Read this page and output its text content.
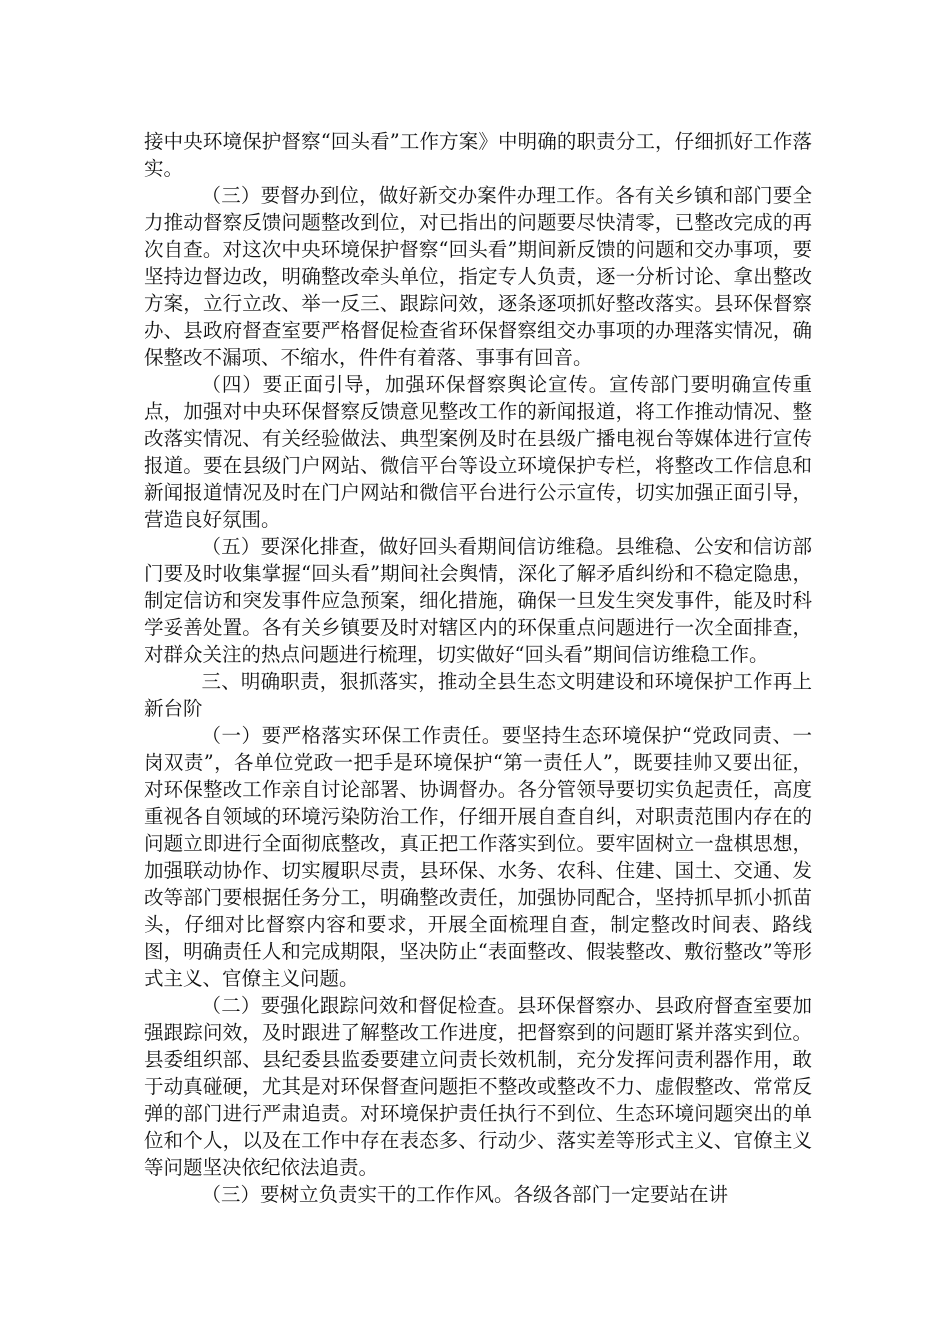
接中央环境保护督察“回头看”工作方案》中明确的职责分工，仔细抓好工作落实。

（三）要督办到位，做好新交办案件办理工作。各有关乡镇和部门要全力推动督察反馈问题整改到位，对已指出的问题要尽快清零，已整改完成的再次自查。对这次中央环境保护督察“回头看”期间新反馈的问题和交办事项，要坚持边督边改，明确整改牵头单位，指定专人负责，逐一分析讨论、拿出整改方案，立行立改、举一反三、跟踪问效，逐条逐项抓好整改落实。县环保督察办、县政府督查室要严格督促检查省环保督察组交办事项的办理落实情况，确保整改不漏项、不缩水，件件有着落、事事有回音。

（四）要正面引导，加强环保督察舆论宣传。宣传部门要明确宣传重点，加强对中央环保督察反馈意见整改工作的新闻报道，将工作推动情况、整改落实情况、有关经验做法、典型案例及时在县级广播电视台等媒体进行宣传报道。要在县级门户网站、微信平台等设立环境保护专栏，将整改工作信息和新闻报道情况及时在门户网站和微信平台进行公示宣传，切实加强正面引导，营造良好氛围。

（五）要深化排查，做好回头看期间信访维稳。县维稳、公安和信访部门要及时收集掌握“回头看”期间社会舆情，深化了解矛盾纠纷和不稳定隐患，制定信访和突发事件应急预案，细化措施，确保一旦发生突发事件，能及时科学妥善处置。各有关乡镇要及时对辖区内的环保重点问题进行一次全面排查，对群众关注的热点问题进行梳理，切实做好“回头看”期间信访维稳工作。

三、明确职责，狠抓落实，推动全县生态文明建设和环境保护工作再上新台阶

（一）要严格落实环保工作责任。要坚持生态环境保护“党政同责、一岗双责”，各单位党政一把手是环境保护“第一责任人”，既要挂帅又要出征，对环保整改工作亲自讨论部署、协调督办。各分管领导要切实负起责任，高度重视各自领域的环境污染防治工作，仔细开展自查自纠，对职责范围内存在的问题立即进行全面彻底整改，真正把工作落实到位。要牢固树立一盘棋思想，加强联动协作、切实履职尽责，县环保、水务、农科、住建、国土、交通、发改等部门要根据任务分工，明确整改责任，加强协同配合，坚持抓早抓小抓苗头，仔细对比督察内容和要求，开展全面梳理自查，制定整改时间表、路线图，明确责任人和完成期限，坚决防止“表面整改、假装整改、敷衍整改”等形式主义、官僚主义问题。

（二）要强化跟踪问效和督促检查。县环保督察办、县政府督查室要加强跟踪问效，及时跟进了解整改工作进度，把督察到的问题盯紧并落实到位。县委组织部、县纪委县监委要建立问责长效机制，充分发挥问责利器作用，敢于动真碰硬，尤其是对环保督查问题拒不整改或整改不力、虚假整改、常常反弹的部门进行严肃追责。对环境保护责任执行不到位、生态环境问题突出的单位和个人，以及在工作中存在表态多、行动少、落实差等形式主义、官僚主义等问题坚决依纪依法追责。

（三）要树立负责实干的工作作风。各级各部门一定要站在讲
